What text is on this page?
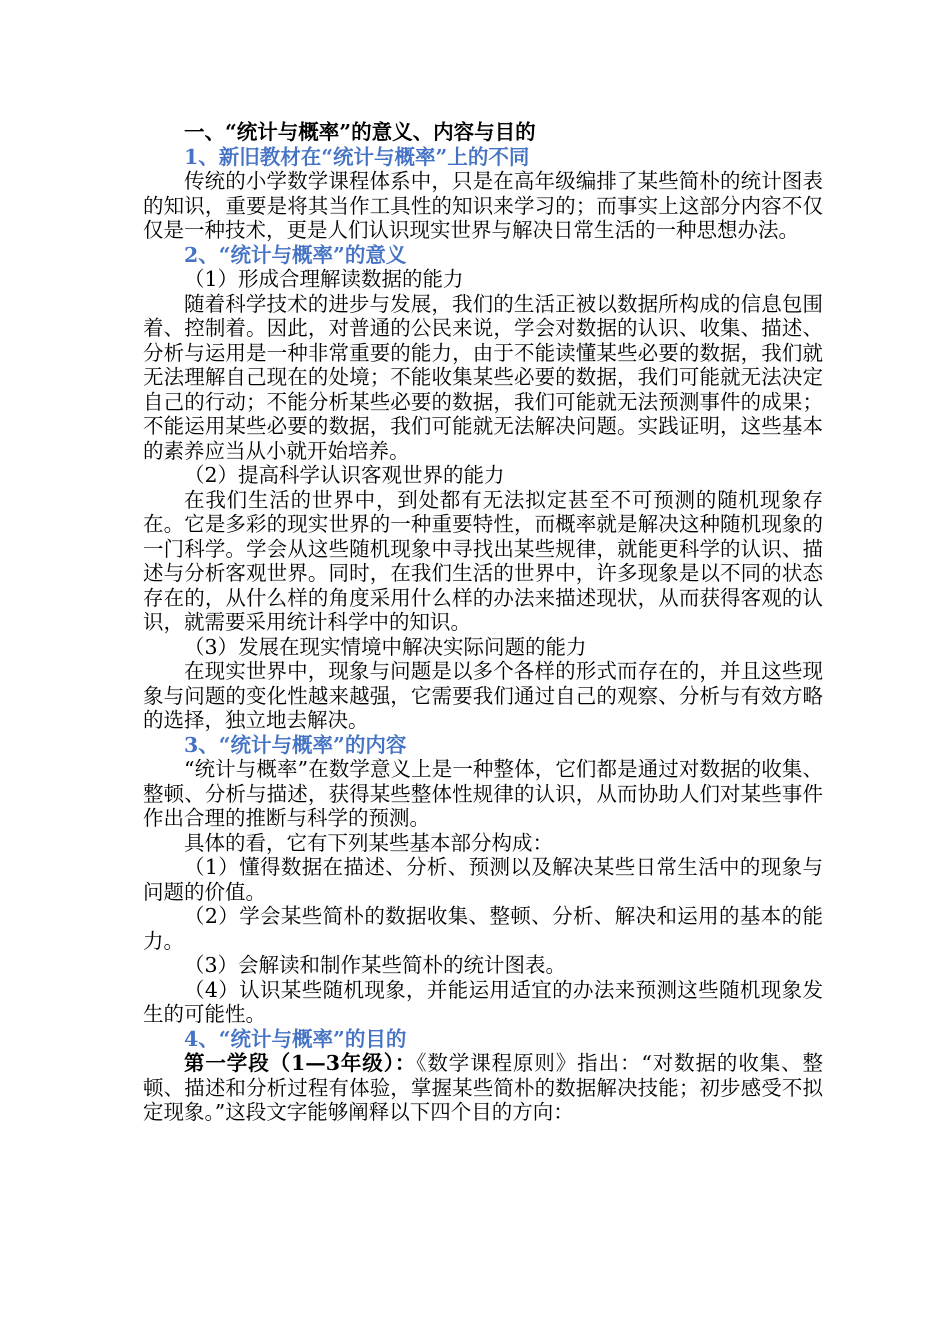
一、“统计与概率”的意义、内容与目的

1、新旧教材在“统计与概率”上的不同

传统的小学数学课程体系中，只是在高年级编排了某些简朴的统计图表的知识，重要是将其当作工具性的知识来学习的；而事实上这部分内容不仅仅是一种技术，更是人们认识现实世界与解决日常生活的一种思想办法。

2、“统计与概率”的意义

（1）形成合理解读数据的能力

随着科学技术的进步与发展，我们的生活正被以数据所构成的信息包围着、控制着。因此，对普通的公民来说，学会对数据的认识、收集、描述、分析与运用是一种非常重要的能力，由于不能读懂某些必要的数据，我们就无法理解自己现在的处境；不能收集某些必要的数据，我们可能就无法决定自己的行动；不能分析某些必要的数据，我们可能就无法预测事件的成果；不能运用某些必要的数据，我们可能就无法解决问题。实践证明，这些基本的素养应当从小就开始培养。

（2）提高科学认识客观世界的能力

在我们生活的世界中，到处都有无法拟定甚至不可预测的随机现象存在。它是多彩的现实世界的一种重要特性，而概率就是解决这种随机现象的一门科学。学会从这些随机现象中寻找出某些规律，就能更科学的认识、描述与分析客观世界。同时，在我们生活的世界中，许多现象是以不同的状态存在的，从什么样的角度采用什么样的办法来描述现状，从而获得客观的认识，就需要采用统计科学中的知识。

（3）发展在现实情境中解决实际问题的能力

在现实世界中，现象与问题是以多个各样的形式而存在的，并且这些现象与问题的变化性越来越强，它需要我们通过自己的观察、分析与有效方略的选择，独立地去解决。

3、“统计与概率”的内容

“统计与概率”在数学意义上是一种整体，它们都是通过对数据的收集、整顿、分析与描述，获得某些整体性规律的认识，从而协助人们对某些事件作出合理的推断与科学的预测。

具体的看，它有下列某些基本部分构成：

（1）懂得数据在描述、分析、预测以及解决某些日常生活中的现象与问题的价值。

（2）学会某些简朴的数据收集、整顿、分析、解决和运用的基本的能力。

（3）会解读和制作某些简朴的统计图表。

（4）认识某些随机现象，并能运用适宜的办法来预测这些随机现象发生的可能性。

4、“统计与概率”的目的

第一学段（1—3年级）：《数学课程原则》指出：“对数据的收集、整顿、描述和分析过程有体验，掌握某些简朴的数据解决技能；初步感受不拟定现象。”这段文字能够阐释以下四个目的方向：
